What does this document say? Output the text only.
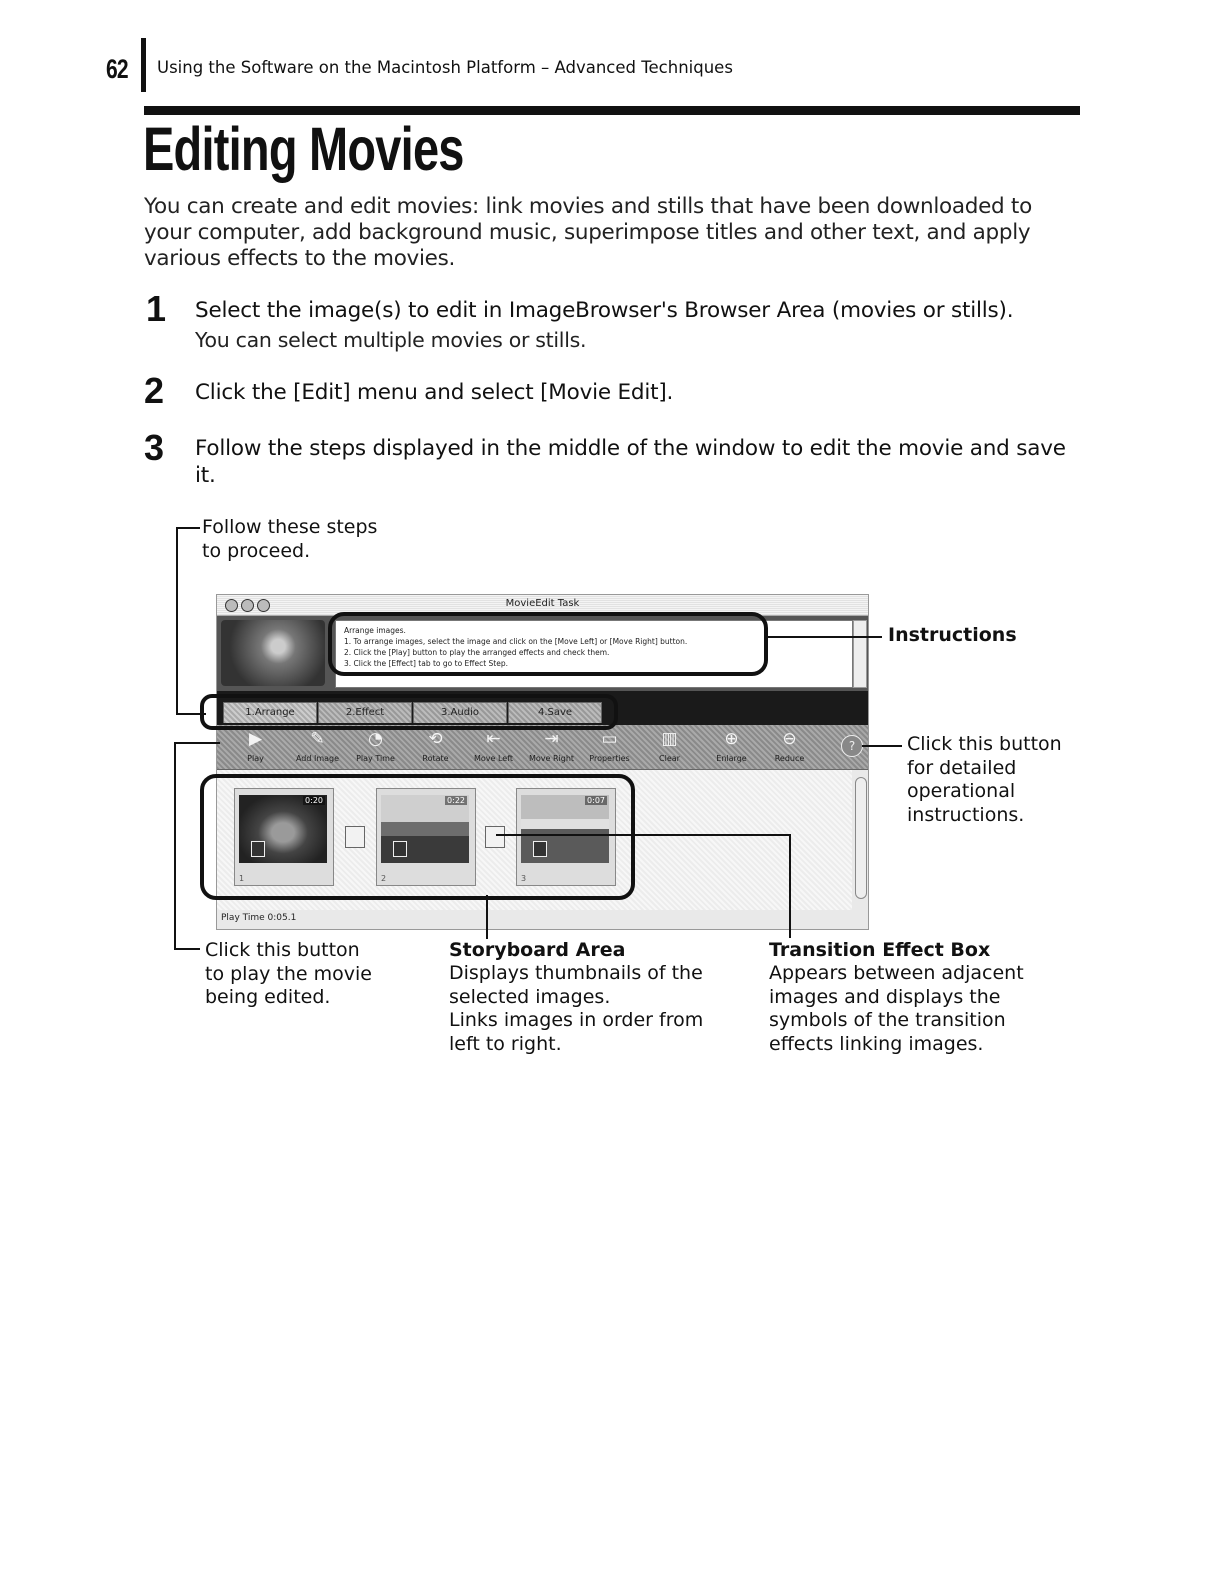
62 Using the Software on the Macintosh Platform – Advanced Techniques
Editing Movies
You can create and edit movies: link movies and stills that have been downloaded to your computer, add background music, superimpose titles and other text, and apply various effects to the movies.
1 Select the image(s) to edit in ImageBrowser's Browser Area (movies or stills).
You can select multiple movies or stills.
2 Click the [Edit] menu and select [Movie Edit].
3 Follow the steps displayed in the middle of the window to edit the movie and save it.
Follow these steps
to proceed.
MovieEdit Task
Arrange images.
1. To arrange images, select the image and click on the [Move Left] or [Move Right] button.
2. Click the [Play] button to play the arranged effects and check them.
3. Click the [Effect] tab to go to Effect Step.
1.Arrange	2.Effect	3.Audio	4.Save
▶
Play
✎
Add Image
◔
Play Time
⟲
Rotate
⇤
Move Left
⇥
Move Right
▭
Properties
▥
Clear
⊕
Enlarge
⊖
Reduce
?
0:20
1
0:22
2
0:07
3
Play Time 0:05.1
Instructions
Click this button
for detailed
operational
instructions.
Click this button
to play the movie
being edited.
Storyboard Area
Displays thumbnails of the
selected images.
Links images in order from
left to right.
Transition Effect Box
Appears between adjacent
images and displays the
symbols of the transition
effects linking images.
